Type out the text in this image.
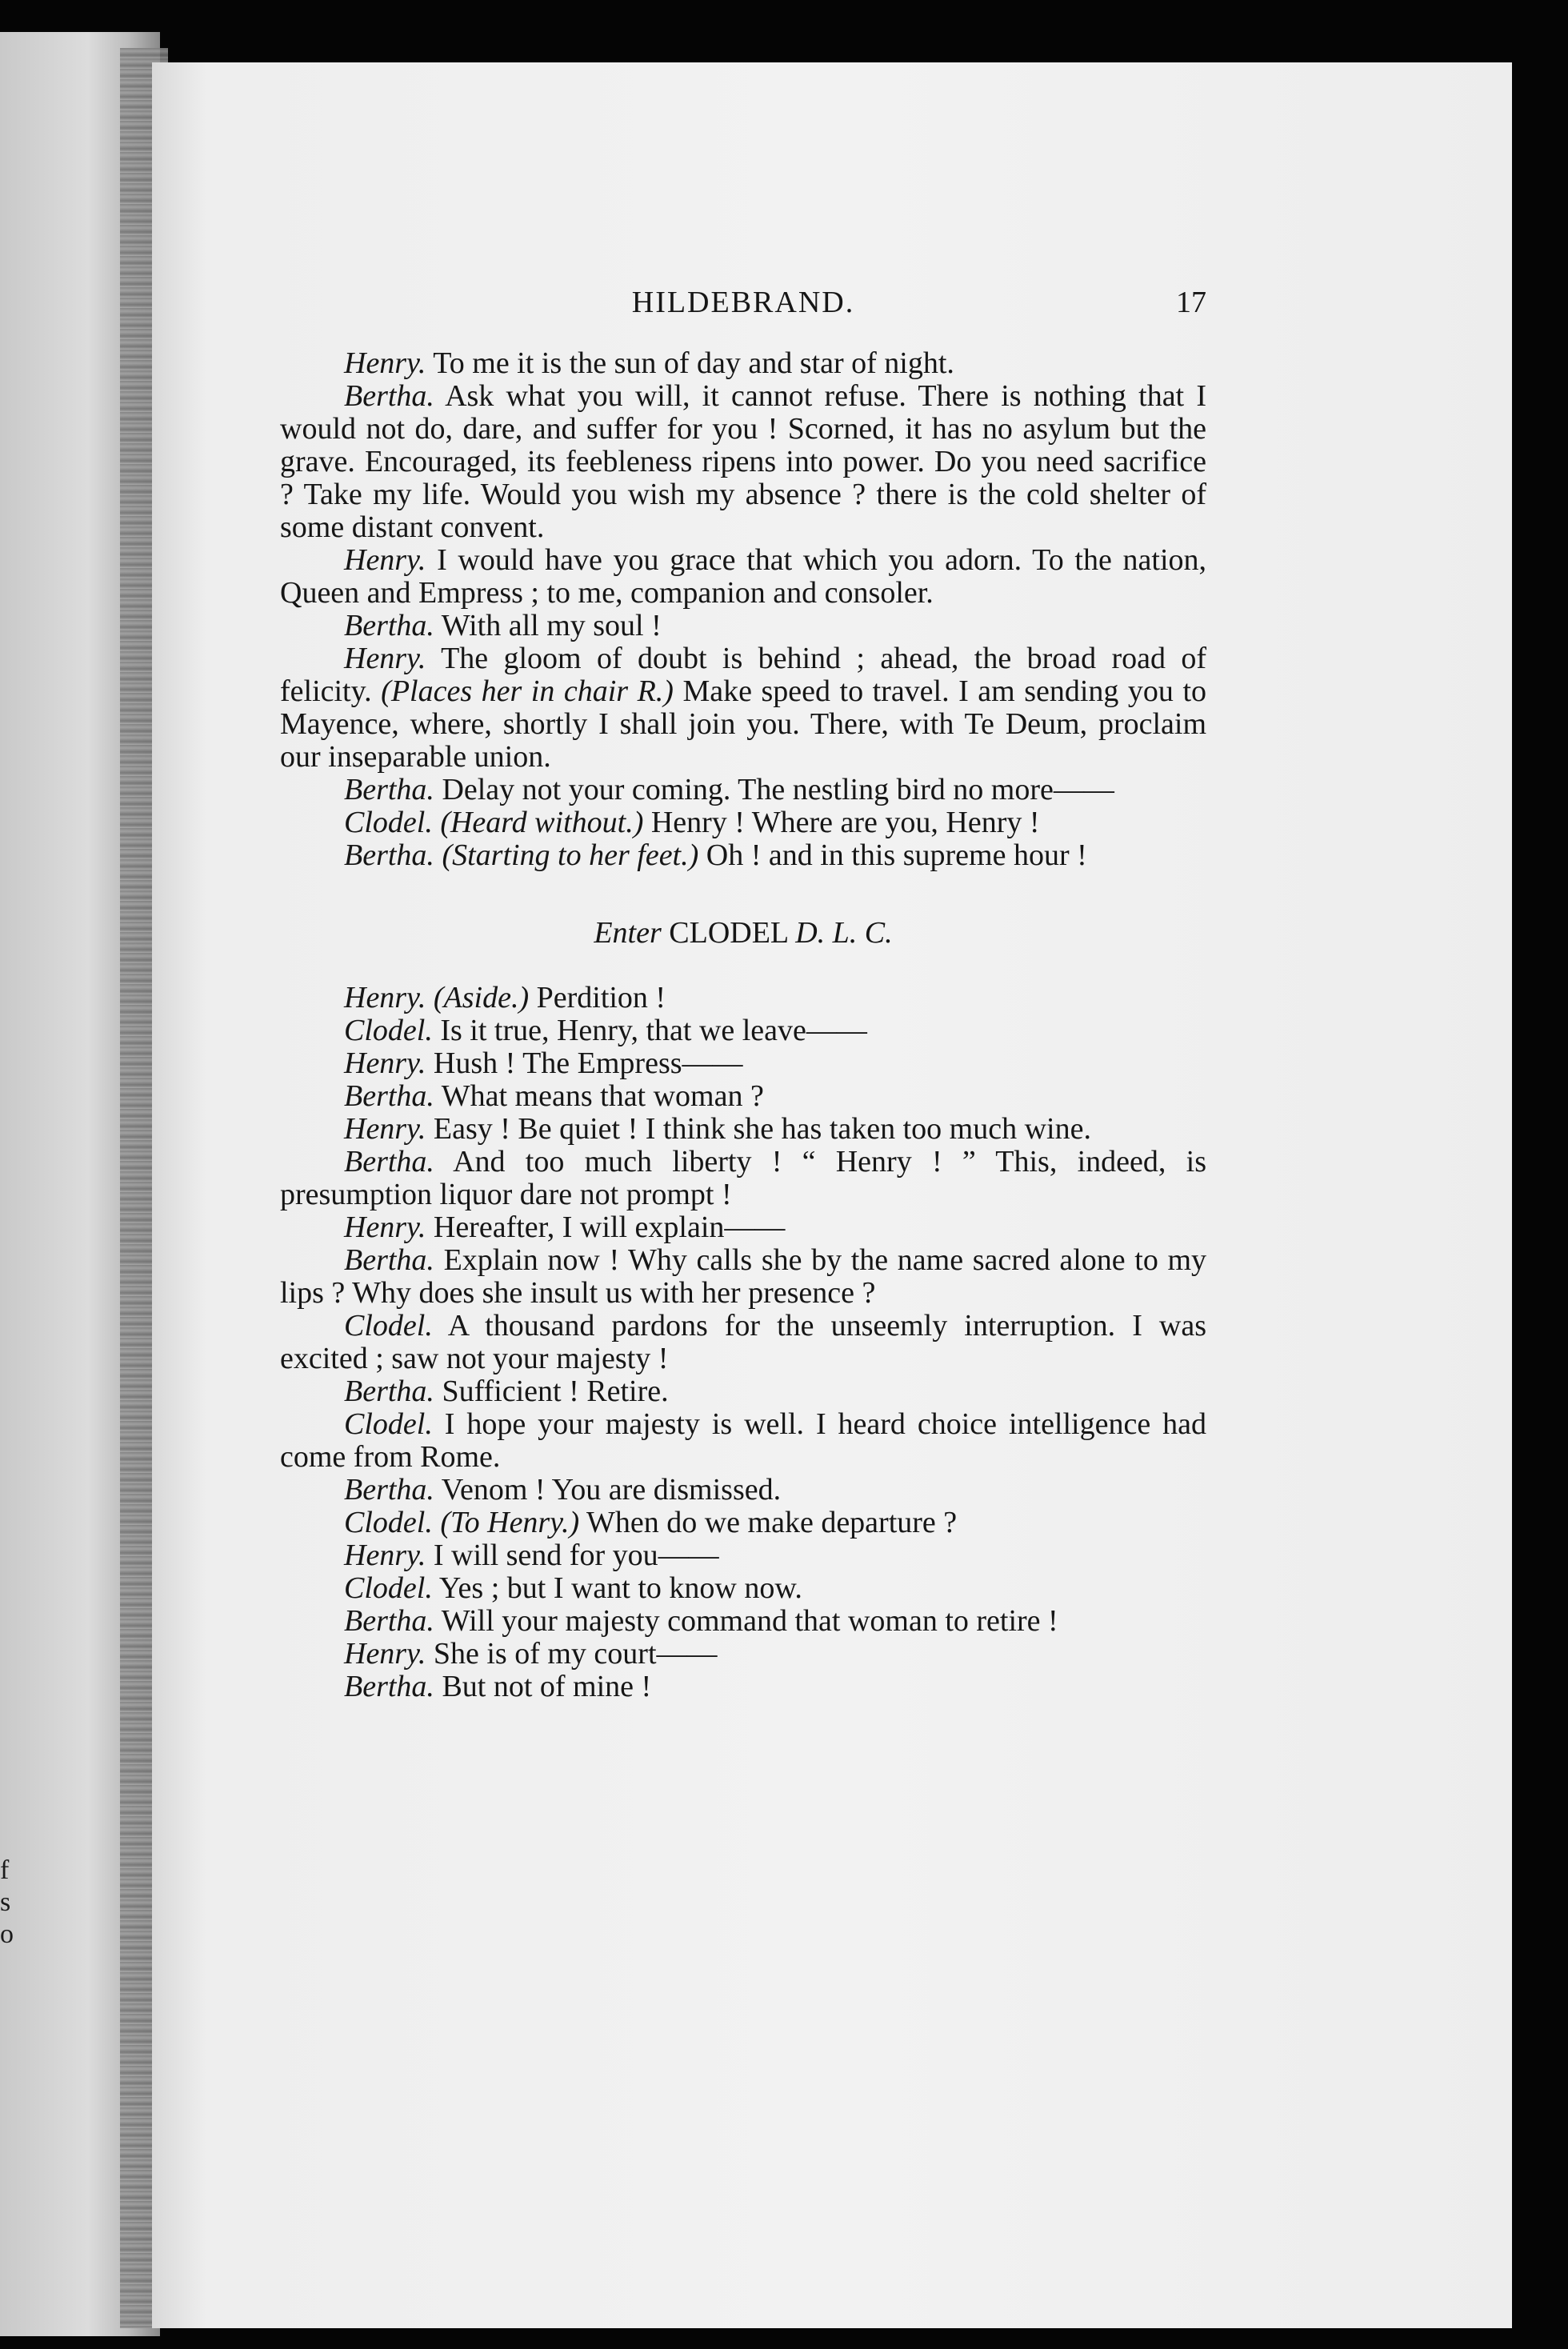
f
s
o
HILDEBRAND.	17

Henry. To me it is the sun of day and star of night.

Bertha. Ask what you will, it cannot refuse. There is nothing that I would not do, dare, and suffer for you ! Scorned, it has no asylum but the grave. Encouraged, its feebleness ripens into power. Do you need sacrifice ? Take my life. Would you wish my absence ? there is the cold shelter of some distant convent.

Henry. I would have you grace that which you adorn. To the nation, Queen and Empress ; to me, companion and consoler.

Bertha. With all my soul !

Henry. The gloom of doubt is behind ; ahead, the broad road of felicity. (Places her in chair R.) Make speed to travel. I am sending you to Mayence, where, shortly I shall join you. There, with Te Deum, proclaim our inseparable union.

Bertha. Delay not your coming. The nestling bird no more——

Clodel. (Heard without.) Henry ! Where are you, Henry !

Bertha. (Starting to her feet.) Oh ! and in this supreme hour !

Enter CLODEL D. L. C.

Henry. (Aside.) Perdition !

Clodel. Is it true, Henry, that we leave——

Henry. Hush ! The Empress——

Bertha. What means that woman ?

Henry. Easy ! Be quiet ! I think she has taken too much wine.

Bertha. And too much liberty ! “ Henry ! ” This, indeed, is presumption liquor dare not prompt !

Henry. Hereafter, I will explain——

Bertha. Explain now ! Why calls she by the name sacred alone to my lips ? Why does she insult us with her presence ?

Clodel. A thousand pardons for the unseemly interruption. I was excited ; saw not your majesty !

Bertha. Sufficient ! Retire.

Clodel. I hope your majesty is well. I heard choice intelligence had come from Rome.

Bertha. Venom ! You are dismissed.

Clodel. (To Henry.) When do we make departure ?

Henry. I will send for you——

Clodel. Yes ; but I want to know now.

Bertha. Will your majesty command that woman to retire !

Henry. She is of my court——

Bertha. But not of mine !
